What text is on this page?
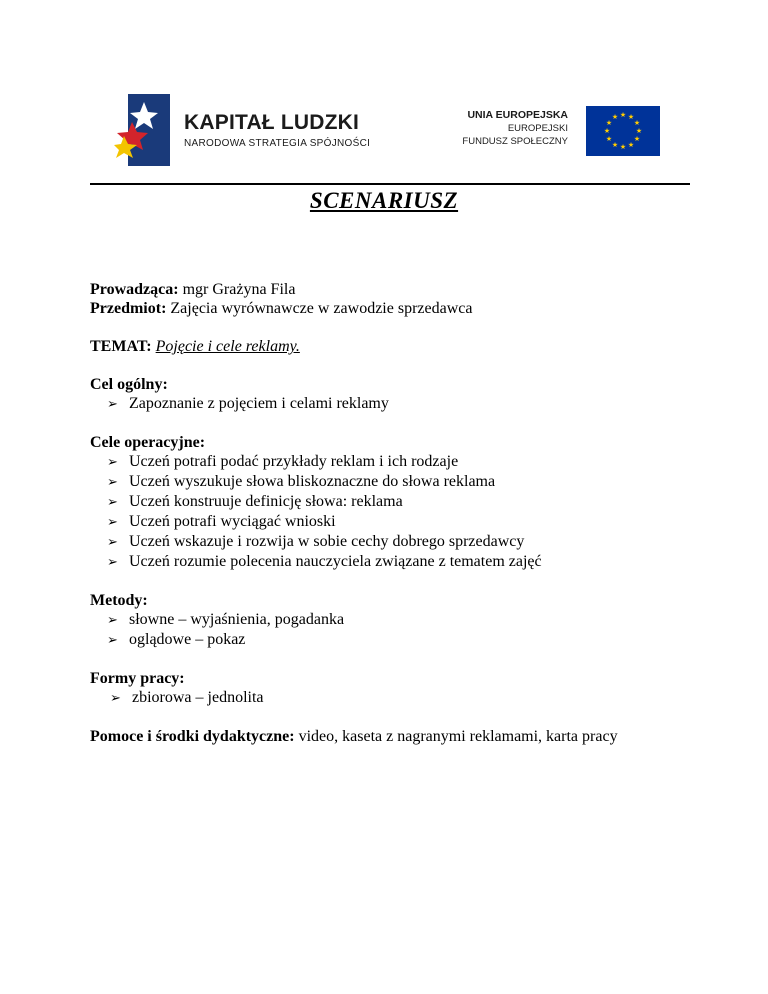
KAPITAŁ LUDZKI
NARODOWA STRATEGIA SPÓJNOŚCI
UNIA EUROPEJSKA
EUROPEJSKI
FUNDUSZ SPOŁECZNY
★ ★
★
★
★
★
★
★
★
★
★
★
SCENARIUSZ
Prowadząca: mgr Grażyna Fila
Przedmiot: Zajęcia wyrównawcze w zawodzie sprzedawca
TEMAT: Pojęcie i cele reklamy.
Cel ogólny:
➢ Zapoznanie z pojęciem i celami reklamy
Cele operacyjne:
➢ Uczeń potrafi podać przykłady reklam i ich rodzaje
➢ Uczeń wyszukuje słowa bliskoznaczne do słowa reklama
➢ Uczeń konstruuje definicję słowa: reklama
➢ Uczeń potrafi wyciągać wnioski
➢ Uczeń wskazuje i rozwija w sobie cechy dobrego sprzedawcy
➢ Uczeń rozumie polecenia nauczyciela związane z tematem zajęć
Metody:
➢ słowne – wyjaśnienia, pogadanka
➢ oglądowe – pokaz
Formy pracy:
➢ zbiorowa – jednolita
Pomoce i środki dydaktyczne: video, kaseta z nagranymi reklamami, karta pracy
